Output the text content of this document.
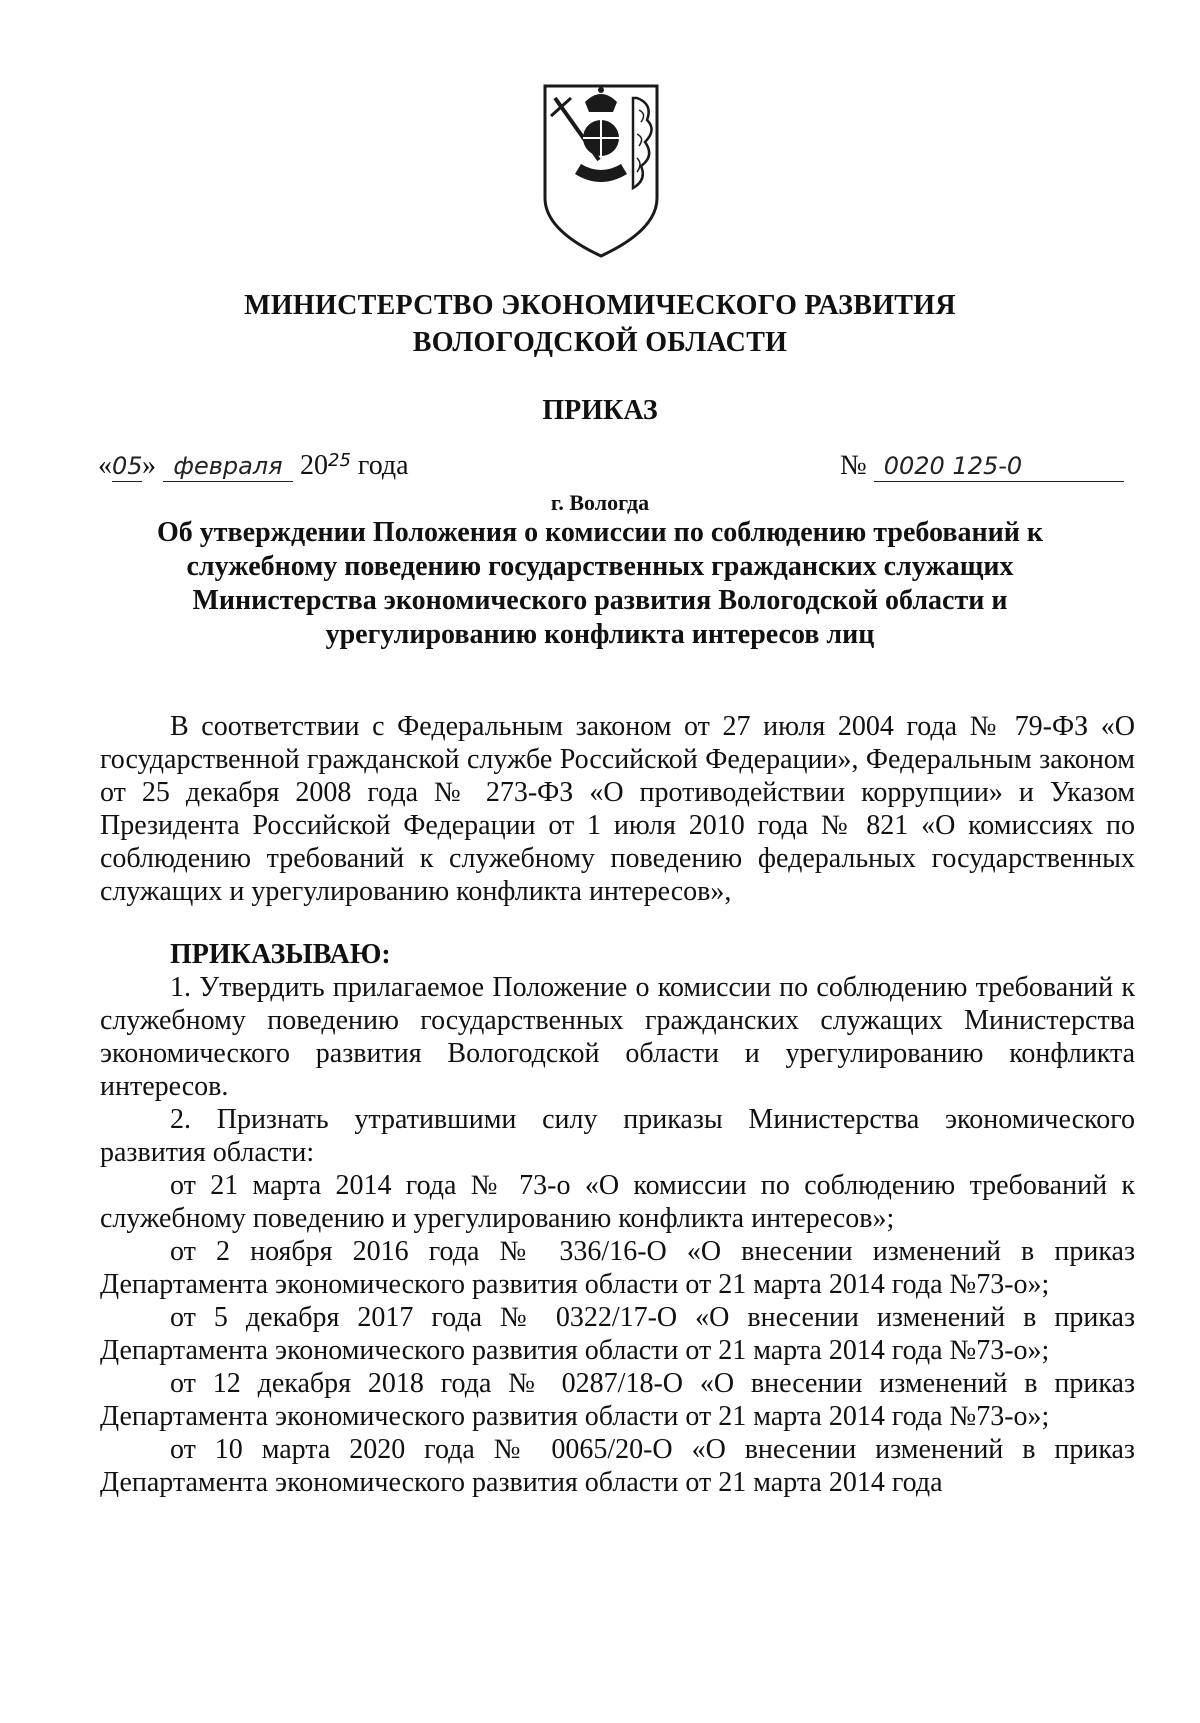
МИНИСТЕРСТВО ЭКОНОМИЧЕСКОГО РАЗВИТИЯ
ВОЛОГОДСКОЙ ОБЛАСТИ
ПРИКАЗ
«05» февраля $20^{25}$ года	№ 0020 125-0
г. Вологда
Об утверждении Положения о комиссии по соблюдению требований к служебному поведению государственных гражданских служащих Министерства экономического развития Вологодской области и урегулированию конфликта интересов лиц

В соответствии с Федеральным законом от 27 июля 2004 года № 79-ФЗ «О государственной гражданской службе Российской Федерации», Федеральным законом от 25 декабря 2008 года № 273-ФЗ «О противодействии коррупции» и Указом Президента Российской Федерации от 1 июля 2010 года № 821 «О комиссиях по соблюдению требований к служебному поведению федеральных государственных служащих и урегулированию конфликта интересов»,

ПРИКАЗЫВАЮ:

1. Утвердить прилагаемое Положение о комиссии по соблюдению требований к служебному поведению государственных гражданских служащих Министерства экономического развития Вологодской области и урегулированию конфликта интересов.

2. Признать утратившими силу приказы Министерства экономического развития области:

от 21 марта 2014 года № 73-о «О комиссии по соблюдению требований к служебному поведению и урегулированию конфликта интересов»;

от 2 ноября 2016 года № 336/16-О «О внесении изменений в приказ Департамента экономического развития области от 21 марта 2014 года №73-о»;

от 5 декабря 2017 года № 0322/17-О «О внесении изменений в приказ Департамента экономического развития области от 21 марта 2014 года №73-о»;

от 12 декабря 2018 года № 0287/18-О «О внесении изменений в приказ Департамента экономического развития области от 21 марта 2014 года №73-о»;

от 10 марта 2020 года № 0065/20-О «О внесении изменений в приказ Департамента экономического развития области от 21 марта 2014 года
